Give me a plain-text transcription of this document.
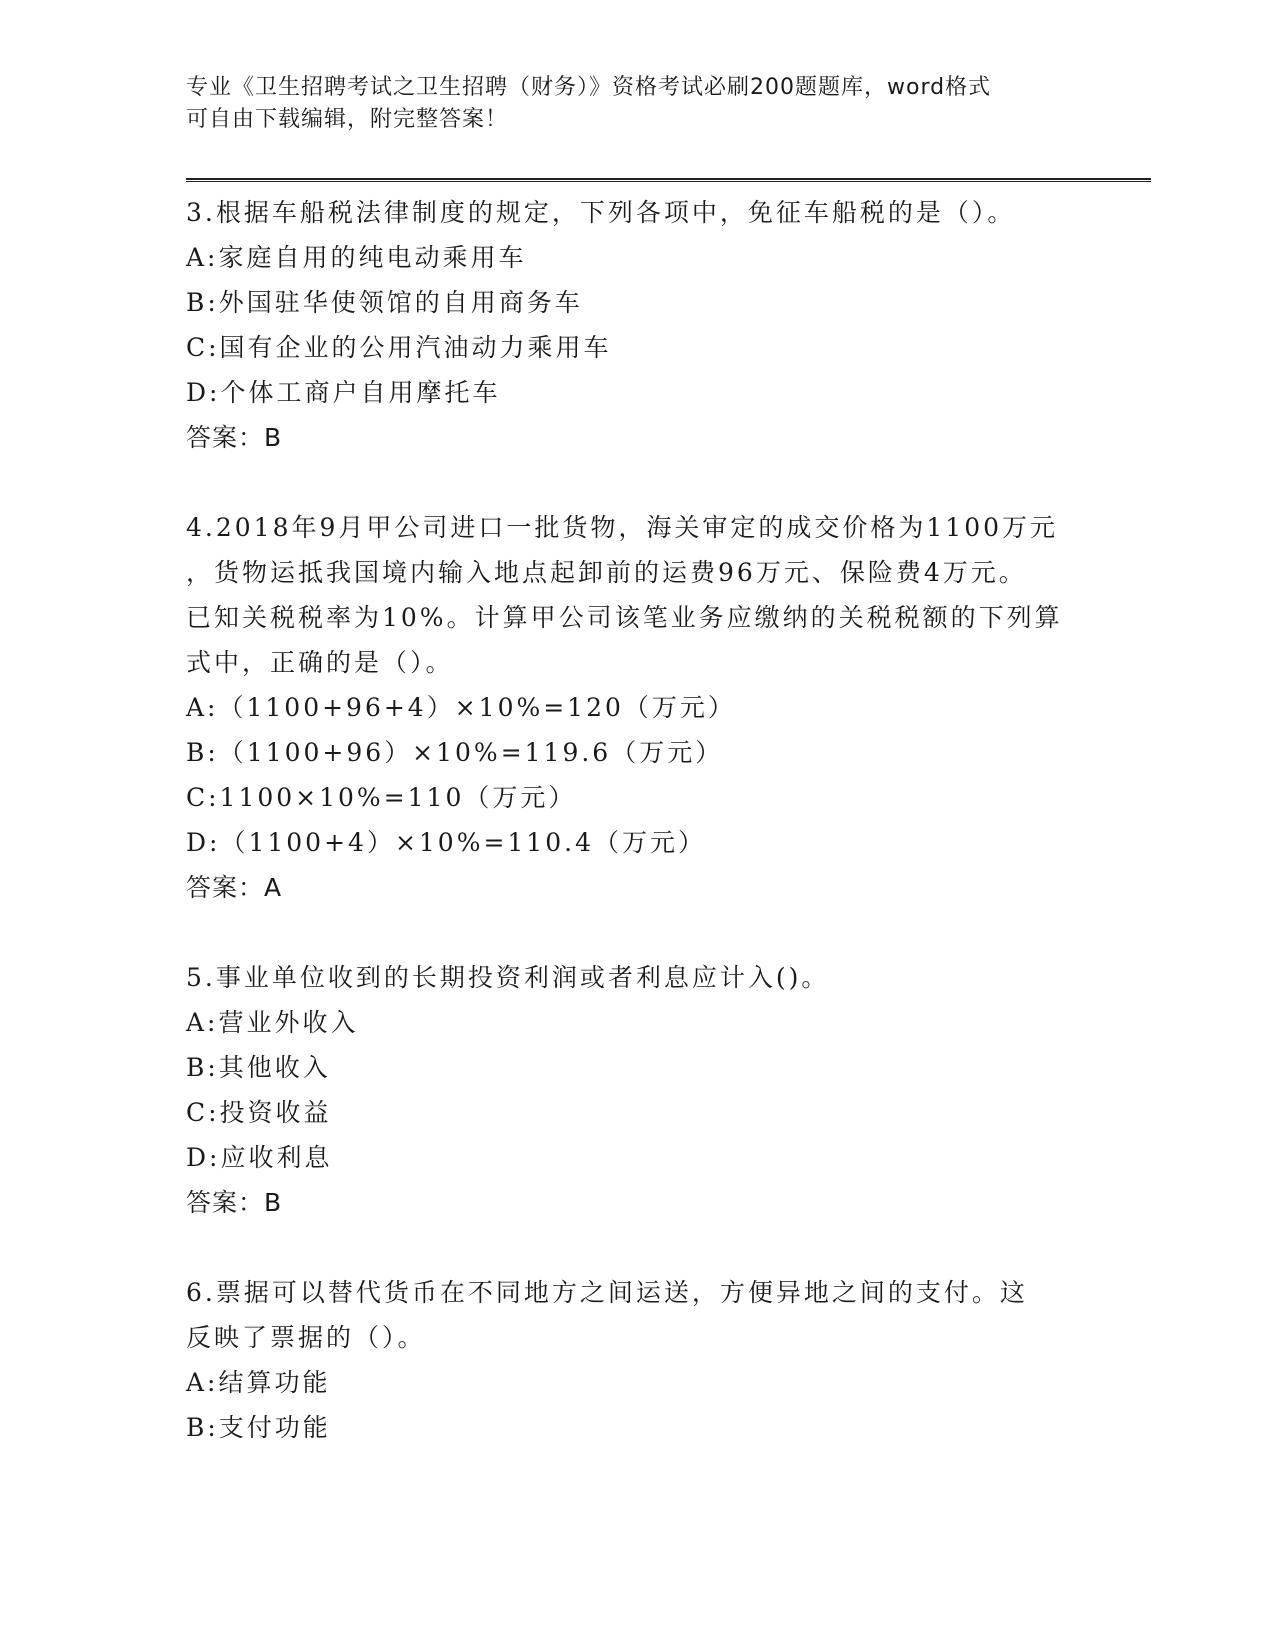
专业《卫生招聘考试之卫生招聘（财务）》资格考试必刷200题题库，word格式
可自由下载编辑，附完整答案！

3.根据车船税法律制度的规定，下列各项中，免征车船税的是（）。

A:家庭自用的纯电动乘用车

B:外国驻华使领馆的自用商务车

C:国有企业的公用汽油动力乘用车

D:个体工商户自用摩托车

答案：B

4.2018年9月甲公司进口一批货物，海关审定的成交价格为1100万元

，货物运抵我国境内输入地点起卸前的运费96万元、保险费4万元。

已知关税税率为10%。计算甲公司该笔业务应缴纳的关税税额的下列算

式中，正确的是（）。

A:（1100+96+4）×10%=120（万元）

B:（1100+96）×10%=119.6（万元）

C:1100×10%=110（万元）

D:（1100+4）×10%=110.4（万元）

答案：A

5.事业单位收到的长期投资利润或者利息应计入()。

A:营业外收入

B:其他收入

C:投资收益

D:应收利息

答案：B

6.票据可以替代货币在不同地方之间运送，方便异地之间的支付。这

反映了票据的（）。

A:结算功能

B:支付功能
